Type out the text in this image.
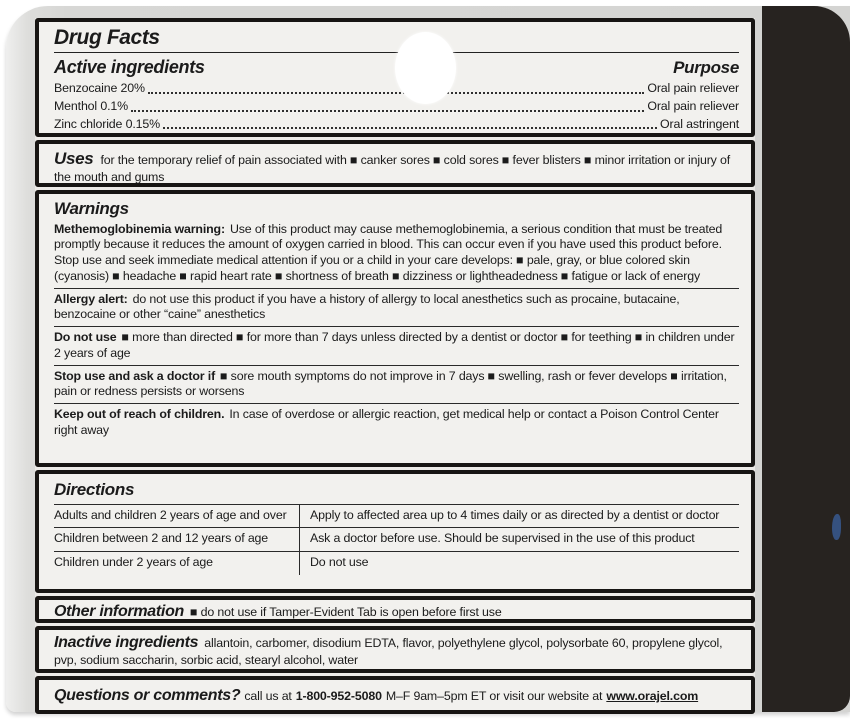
Drug Facts
Active ingredients	Purpose
Benzocaine 20%	Oral pain reliever
Menthol 0.1%	Oral pain reliever
Zinc chloride 0.15%	Oral astringent

Uses for the temporary relief of pain associated with ■ canker sores ■ cold sores ■ fever blisters ■ minor irritation or injury of the mouth and gums

Warnings

Methemoglobinemia warning: Use of this product may cause methemoglobinemia, a serious condition that must be treated promptly because it reduces the amount of oxygen carried in blood. This can occur even if you have used this product before. Stop use and seek immediate medical attention if you or a child in your care develops: ■ pale, gray, or blue colored skin (cyanosis) ■ headache ■ rapid heart rate ■ shortness of breath ■ dizziness or lightheadedness ■ fatigue or lack of energy

Allergy alert: do not use this product if you have a history of allergy to local anesthetics such as procaine, butacaine, benzocaine or other “caine” anesthetics

Do not use ■ more than directed ■ for more than 7 days unless directed by a dentist or doctor ■ for teething ■ in children under 2 years of age

Stop use and ask a doctor if ■ sore mouth symptoms do not improve in 7 days ■ swelling, rash or fever develops ■ irritation, pain or redness persists or worsens

Keep out of reach of children. In case of overdose or allergic reaction, get medical help or contact a Poison Control Center right away

Directions
Adults and children 2 years of age and over	Apply to affected area up to 4 times daily or as directed by a dentist or doctor
Children between 2 and 12 years of age	Ask a doctor before use. Should be supervised in the use of this product
Children under 2 years of age	Do not use

Other information ■ do not use if Tamper-Evident Tab is open before first use

Inactive ingredients allantoin, carbomer, disodium EDTA, flavor, polyethylene glycol, polysorbate 60, propylene glycol, pvp, sodium saccharin, sorbic acid, stearyl alcohol, water

Questions or comments? call us at 1-800-952-5080 M–F 9am–5pm ET or visit our website at www.orajel.com
